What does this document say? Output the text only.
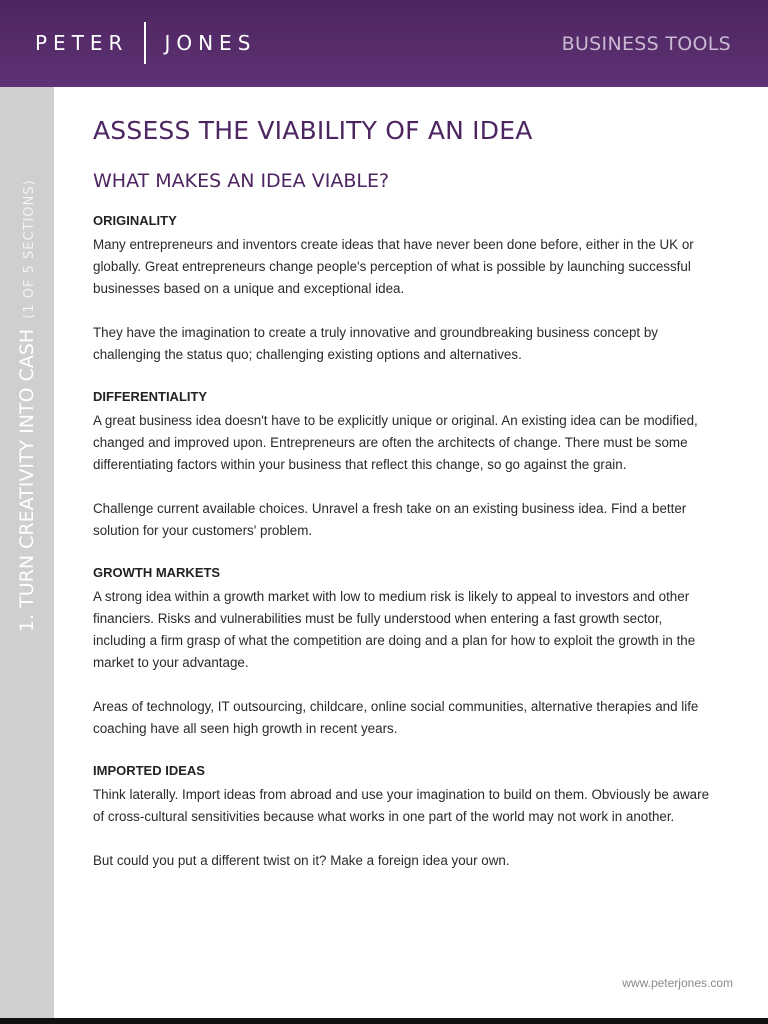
PETER JONES	BUSINESS TOOLS
1. TURN CREATIVITY INTO CASH(1 OF 5 SECTIONS)
ASSESS THE VIABILITY OF AN IDEA
WHAT MAKES AN IDEA VIABLE?
ORIGINALITY

Many entrepreneurs and inventors create ideas that have never been done before, either in the UK or globally. Great entrepreneurs change people's perception of what is possible by launching successful businesses based on a unique and exceptional idea.

They have the imagination to create a truly innovative and groundbreaking business concept by challenging the status quo; challenging existing options and alternatives.

DIFFERENTIALITY

A great business idea doesn't have to be explicitly unique or original. An existing idea can be modified, changed and improved upon. Entrepreneurs are often the architects of change. There must be some differentiating factors within your business that reflect this change, so go against the grain.

Challenge current available choices. Unravel a fresh take on an existing business idea. Find a better solution for your customers' problem.

GROWTH MARKETS

A strong idea within a growth market with low to medium risk is likely to appeal to investors and other financiers. Risks and vulnerabilities must be fully understood when entering a fast growth sector, including a firm grasp of what the competition are doing and a plan for how to exploit the growth in the market to your advantage.

Areas of technology, IT outsourcing, childcare, online social communities, alternative therapies and life coaching have all seen high growth in recent years.

IMPORTED IDEAS

Think laterally. Import ideas from abroad and use your imagination to build on them. Obviously be aware of cross-cultural sensitivities because what works in one part of the world may not work in another.

But could you put a different twist on it? Make a foreign idea your own.

www.peterjones.com
